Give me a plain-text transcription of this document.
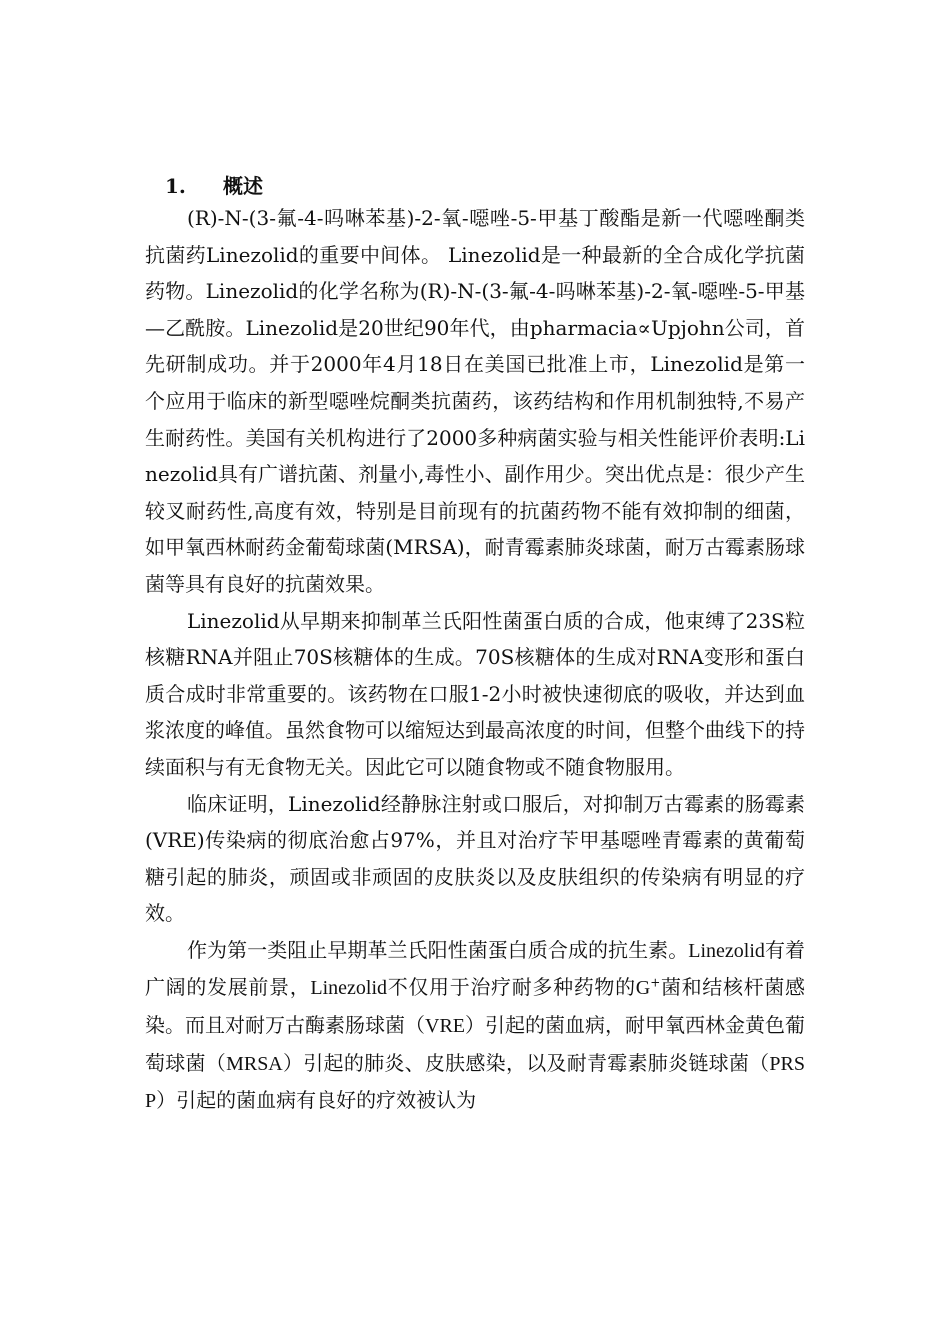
1. 概述

(R)-N-(3-氟-4-吗啉苯基)-2-氧-噁唑-5-甲基丁酸酯是新一代噁唑酮类抗菌药Linezolid的重要中间体。 Linezolid是一种最新的全合成化学抗菌药物。Linezolid的化学名称为(R)-N-(3-氟-4-吗啉苯基)-2-氧-噁唑-5-甲基—乙酰胺。Linezolid是20世纪90年代，由pharmacia∝Upjohn公司，首先研制成功。并于2000年4月18日在美国已批准上市，Linezolid是第一个应用于临床的新型噁唑烷酮类抗菌药，该药结构和作用机制独特,不易产生耐药性。美国有关机构进行了2000多种病菌实验与相关性能评价表明:Linezolid具有广谱抗菌、剂量小,毒性小、副作用少。突出优点是：很少产生较叉耐药性,高度有效，特别是目前现有的抗菌药物不能有效抑制的细菌，如甲氧西林耐药金葡萄球菌(MRSA)，耐青霉素肺炎球菌，耐万古霉素肠球菌等具有良好的抗菌效果。

Linezolid从早期来抑制革兰氏阳性菌蛋白质的合成，他束缚了23S粒核糖RNA并阻止70S核糖体的生成。70S核糖体的生成对RNA变形和蛋白质合成时非常重要的。该药物在口服1-2小时被快速彻底的吸收，并达到血浆浓度的峰值。虽然食物可以缩短达到最高浓度的时间，但整个曲线下的持续面积与有无食物无关。因此它可以随食物或不随食物服用。

临床证明，Linezolid经静脉注射或口服后，对抑制万古霉素的肠霉素(VRE)传染病的彻底治愈占97%，并且对治疗苄甲基噁唑青霉素的黄葡萄糖引起的肺炎，顽固或非顽固的皮肤炎以及皮肤组织的传染病有明显的疗效。

作为第一类阻止早期革兰氏阳性菌蛋白质合成的抗生素。Linezolid有着广阔的发展前景，Linezolid不仅用于治疗耐多种药物的G+菌和结核杆菌感染。而且对耐万古酶素肠球菌（VRE）引起的菌血病，耐甲氧西林金黄色葡萄球菌（MRSA）引起的肺炎、皮肤感染，以及耐青霉素肺炎链球菌（PRSP）引起的菌血病有良好的疗效被认为
